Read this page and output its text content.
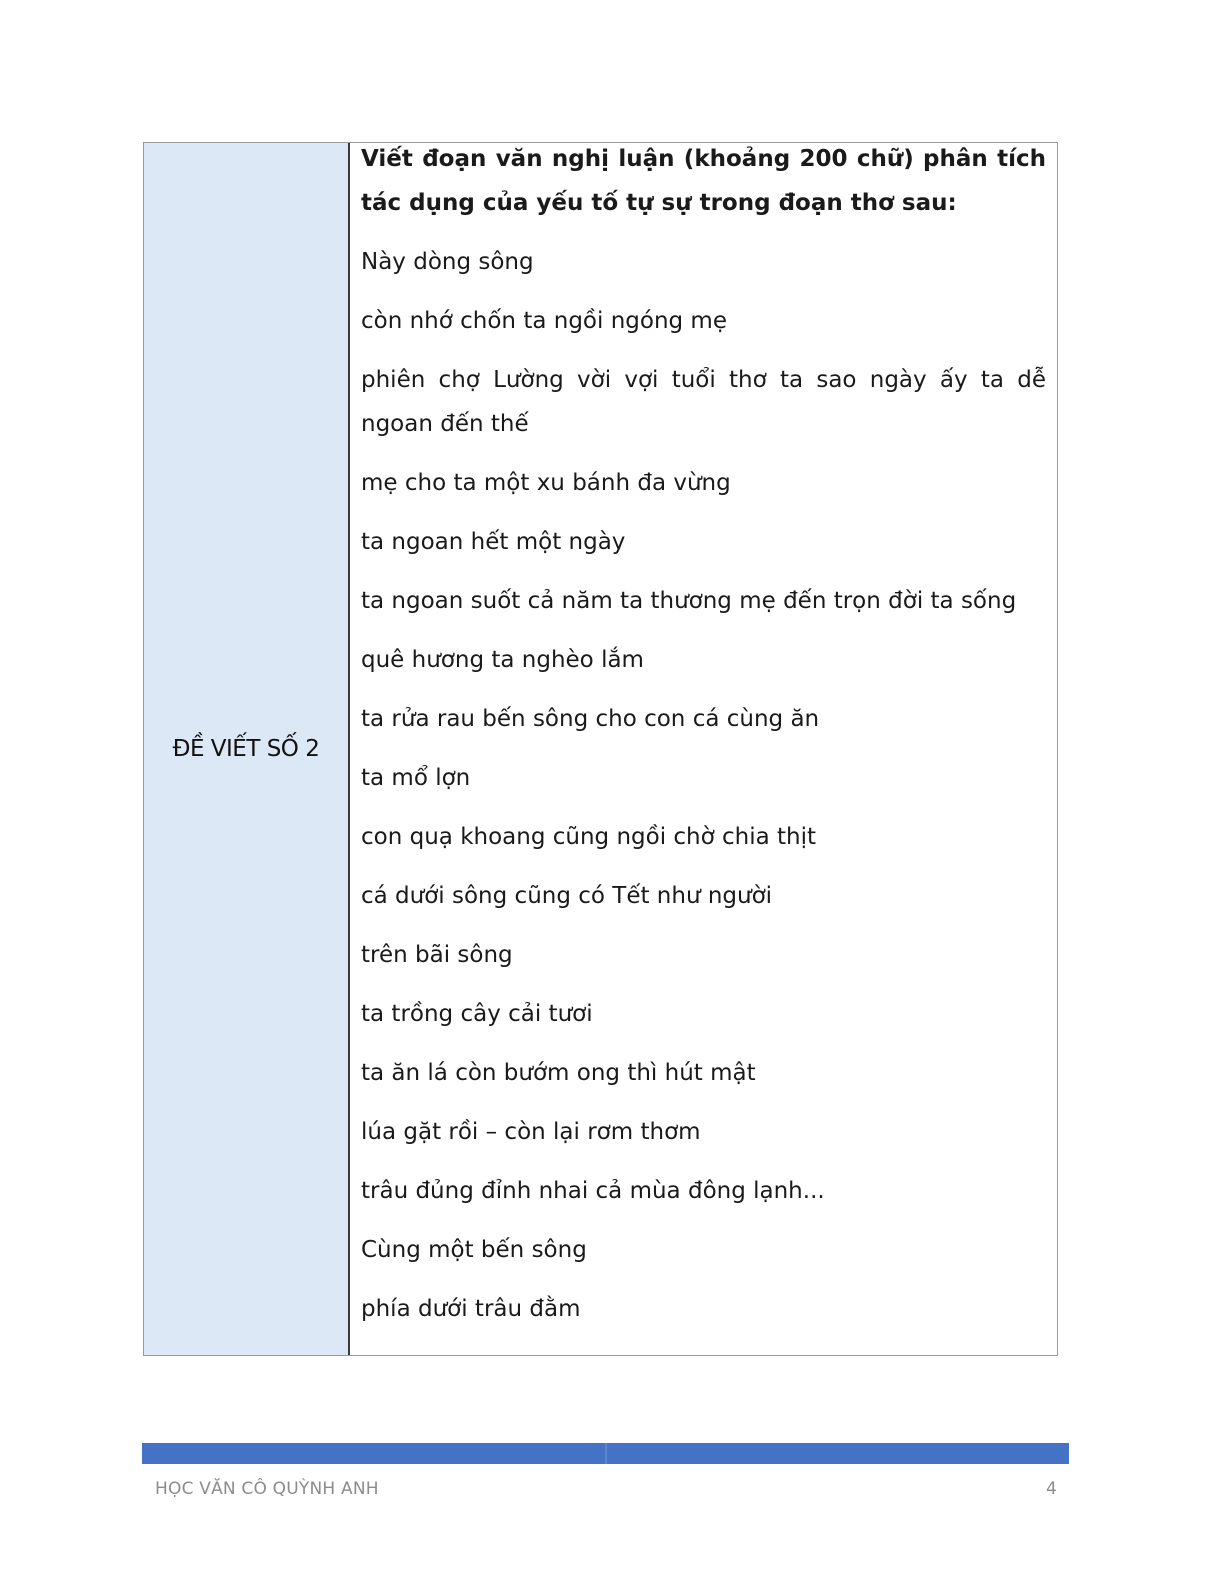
ĐỀ VIẾT SỐ 2

Viết đoạn văn nghị luận (khoảng 200 chữ) phân tích tác dụng của yếu tố tự sự trong đoạn thơ sau:

Này dòng sông
còn nhớ chốn ta ngồi ngóng mẹ
phiên chợ Lường vời vợi tuổi thơ ta sao ngày ấy ta dễ ngoan đến thế
mẹ cho ta một xu bánh đa vừng
ta ngoan hết một ngày
ta ngoan suốt cả năm ta thương mẹ đến trọn đời ta sống
quê hương ta nghèo lắm
ta rửa rau bến sông cho con cá cùng ăn
ta mổ lợn
con quạ khoang cũng ngồi chờ chia thịt
cá dưới sông cũng có Tết như người
trên bãi sông
ta trồng cây cải tươi
ta ăn lá còn bướm ong thì hút mật
lúa gặt rồi – còn lại rơm thơm
trâu đủng đỉnh nhai cả mùa đông lạnh...
Cùng một bến sông
phía dưới trâu đằm
HỌC VĂN CÔ QUỲNH ANH	4
